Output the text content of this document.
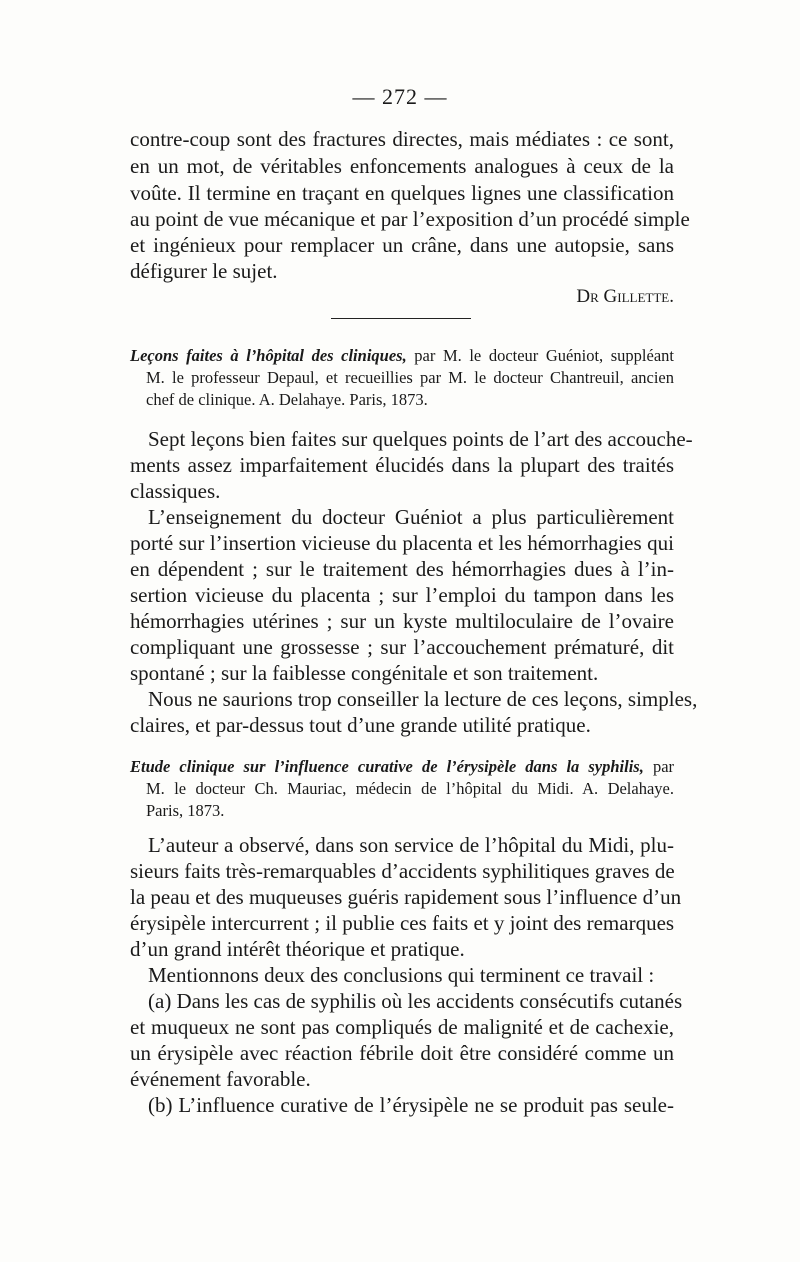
— 272 —
contre-coup sont des fractures directes, mais médiates : ce sont,
en un mot, de véritables enfoncements analogues à ceux de la
voûte. Il termine en traçant en quelques lignes une classification
au point de vue mécanique et par l’exposition d’un procédé simple
et ingénieux pour remplacer un crâne, dans une autopsie, sans
défigurer le sujet.
Dr Gillette.
Leçons faites à l’hôpital des cliniques, par M. le docteur Guéniot, suppléant
M. le professeur Depaul, et recueillies par M. le docteur Chantreuil, ancien
chef de clinique. A. Delahaye. Paris, 1873.
Sept leçons bien faites sur quelques points de l’art des accouche-
ments assez imparfaitement élucidés dans la plupart des traités
classiques.
L’enseignement du docteur Guéniot a plus particulièrement
porté sur l’insertion vicieuse du placenta et les hémorrhagies qui
en dépendent ; sur le traitement des hémorrhagies dues à l’in-
sertion vicieuse du placenta ; sur l’emploi du tampon dans les
hémorrhagies utérines ; sur un kyste multiloculaire de l’ovaire
compliquant une grossesse ; sur l’accouchement prématuré, dit
spontané ; sur la faiblesse congénitale et son traitement.
Nous ne saurions trop conseiller la lecture de ces leçons, simples,
claires, et par-dessus tout d’une grande utilité pratique.
Etude clinique sur l’influence curative de l’érysipèle dans la syphilis, par
M. le docteur Ch. Mauriac, médecin de l’hôpital du Midi. A. Delahaye.
Paris, 1873.
L’auteur a observé, dans son service de l’hôpital du Midi, plu-
sieurs faits très-remarquables d’accidents syphilitiques graves de
la peau et des muqueuses guéris rapidement sous l’influence d’un
érysipèle intercurrent ; il publie ces faits et y joint des remarques
d’un grand intérêt théorique et pratique.
Mentionnons deux des conclusions qui terminent ce travail :
(a) Dans les cas de syphilis où les accidents consécutifs cutanés
et muqueux ne sont pas compliqués de malignité et de cachexie,
un érysipèle avec réaction fébrile doit être considéré comme un
événement favorable.
(b) L’influence curative de l’érysipèle ne se produit pas seule-
